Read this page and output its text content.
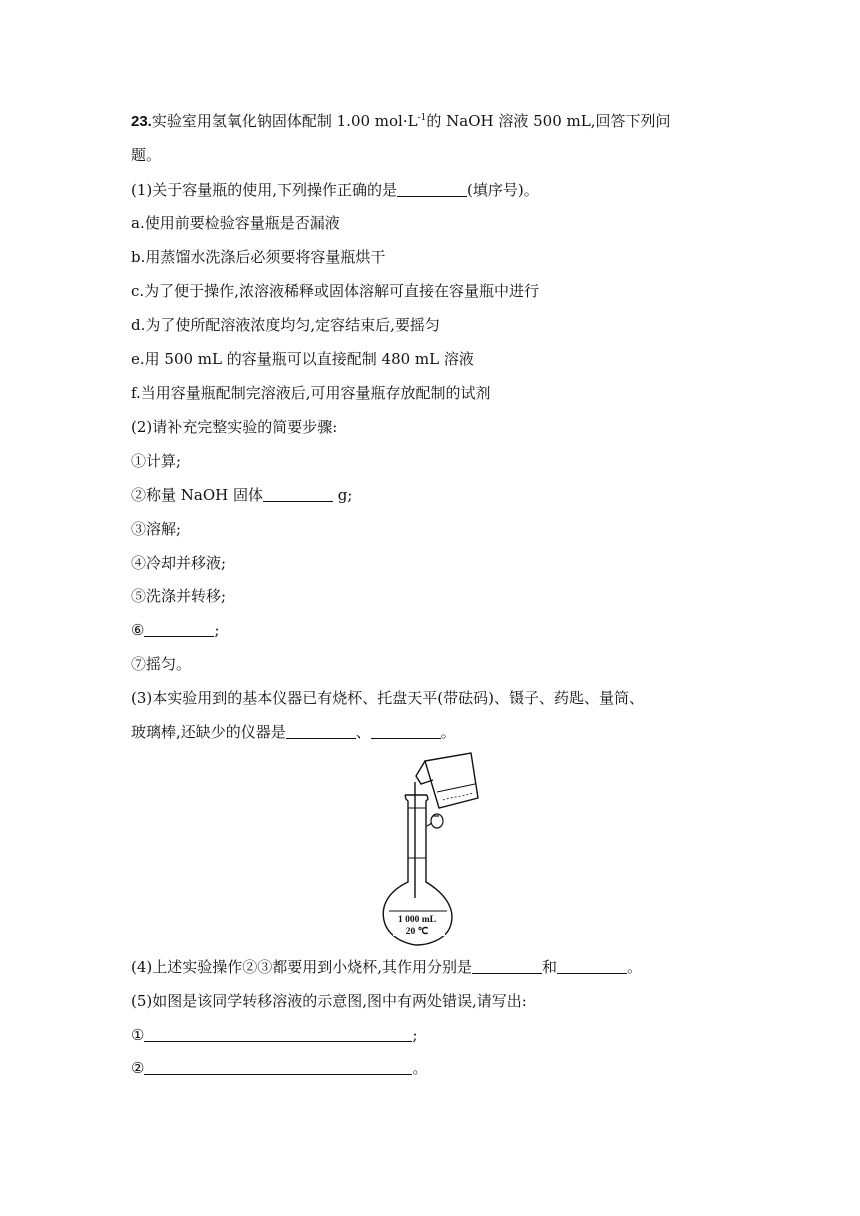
23.实验室用氢氧化钠固体配制 1.00 $mol\cdot L^{-1}$的 NaOH 溶液 500 mL,回答下列问
题。
(1)关于容量瓶的使用,下列操作正确的是	(填序号)。
a.使用前要检验容量瓶是否漏液
b.用蒸馏水洗涤后必须要将容量瓶烘干
c.为了便于操作,浓溶液稀释或固体溶解可直接在容量瓶中进行
d.为了使所配溶液浓度均匀,定容结束后,要摇匀
e.用 500 mL 的容量瓶可以直接配制 480 mL 溶液
f.当用容量瓶配制完溶液后,可用容量瓶存放配制的试剂
(2)请补充完整实验的简要步骤:
①计算;
②称量 NaOH 固体	g;
③溶解;
④冷却并移液;
⑤洗涤并转移;
⑥	;
⑦摇匀。
(3)本实验用到的基本仪器已有烧杯、托盘天平(带砝码)、镊子、药匙、量筒、
玻璃棒,还缺少的仪器是	、	。
1 000 mL
20 ℃
(4)上述实验操作②③都要用到小烧杯,其作用分别是	和	。
(5)如图是该同学转移溶液的示意图,图中有两处错误,请写出:
①	;
②	。
